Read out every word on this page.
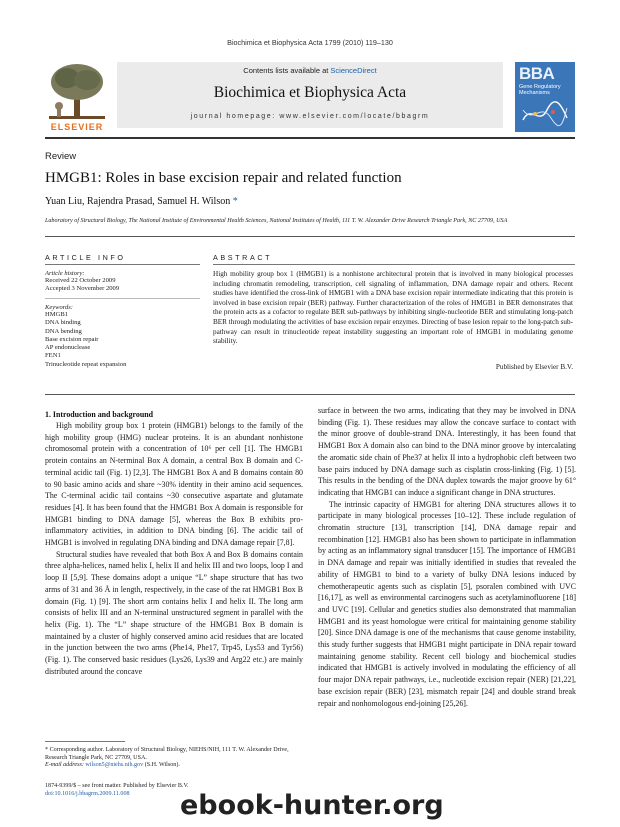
Biochimica et Biophysica Acta 1799 (2010) 119–130
ELSEVIER
Contents lists available at ScienceDirect
Biochimica et Biophysica Acta
journal homepage: www.elsevier.com/locate/bbagrm
BBA
Gene Regulatory Mechanisms
Review
HMGB1: Roles in base excision repair and related function
Yuan Liu, Rajendra Prasad, Samuel H. Wilson *
Laboratory of Structural Biology, The National Institute of Environmental Health Sciences, National Institutes of Health, 111 T. W. Alexander Drive Research Triangle Park, NC 27709, USA
ARTICLE INFO	ABSTRACT
Article history:
Received 22 October 2009
Accepted 3 November 2009
Keywords:
HMGB1
DNA binding
DNA bending
Base excision repair
AP endonuclease
FEN1
Trinucleotide repeat expansion
High mobility group box 1 (HMGB1) is a nonhistone architectural protein that is involved in many biological processes including chromatin remodeling, transcription, cell signaling of inflammation, DNA damage repair and others. Recent studies have identified the cross-link of HMGB1 with a DNA base excision repair intermediate indicating that this protein is involved in base excision repair (BER) pathway. Further characterization of the roles of HMGB1 in BER demonstrates that the protein acts as a cofactor to regulate BER sub-pathways by inhibiting single-nucleotide BER and stimulating long-patch BER through modulating the activities of base excision repair enzymes. Directing of base lesion repair to the long-patch sub-pathway can result in trinucleotide repeat instability suggesting an important role of HMGB1 in modulating genome stability.
Published by Elsevier B.V.
1. Introduction and background

High mobility group box 1 protein (HMGB1) belongs to the family of the high mobility group (HMG) nuclear proteins. It is an abundant nonhistone chromosomal protein with a concentration of 10⁶ per cell [1]. The HMGB1 protein contains an N-terminal Box A domain, a central Box B domain and C-terminal acidic tail (Fig. 1) [2,3]. The HMGB1 Box A and B domains contain 80 to 90 basic amino acids and share ~30% identity in their amino acid sequences. The C-terminal acidic tail contains ~30 consecutive aspartate and glutamate residues [4]. It has been found that the HMGB1 Box A domain is responsible for HMGB1 binding to DNA damage [5], whereas the Box B exhibits pro-inflammatory activities, in addition to DNA binding [6]. The acidic tail of HMGB1 is involved in regulating DNA binding and DNA damage repair [7,8].

Structural studies have revealed that both Box A and Box B domains contain three alpha-helices, named helix I, helix II and helix III and two loops, loop I and loop II [5,9]. These domains adopt a unique “L” shape structure that has two arms of 31 and 36 Å in length, respectively, in the case of the rat HMGB1 Box B domain (Fig. 1) [9]. The short arm contains helix I and helix II. The long arm consists of helix III and an N-terminal unstructured segment in parallel with the helix (Fig. 1). The “L” shape structure of the HMGB1 Box B domain is maintained by a cluster of highly conserved amino acid residues that are located in the junction between the two arms (Phe14, Phe17, Trp45, Lys53 and Tyr56) (Fig. 1). The conserved basic residues (Lys26, Lys39 and Arg22 etc.) are mainly distributed around the concave

surface in between the two arms, indicating that they may be involved in DNA binding (Fig. 1). These residues may allow the concave surface to contact with the minor groove of double-strand DNA. Interestingly, it has been found that HMGB1 Box A domain also can bind to the DNA minor groove by intercalating the aromatic side chain of Phe37 at helix II into a hydrophobic cleft between two base pairs induced by DNA damage such as cisplatin cross-linking (Fig. 1) [5]. This results in the bending of the DNA duplex towards the major groove by 61° indicating that HMGB1 can induce a significant change in DNA structures.

The intrinsic capacity of HMGB1 for altering DNA structures allows it to participate in many biological processes [10–12]. These include regulation of chromatin structure [13], transcription [14], DNA damage repair and recombination [12]. HMGB1 also has been shown to participate in inflammation by acting as an inflammatory signal transducer [15]. The importance of HMGB1 in DNA damage and repair was initially identified in studies that revealed the ability of HMGB1 to bind to a variety of bulky DNA lesions induced by chemotherapeutic agents such as cisplatin [5], psoralen combined with UVC [16,17], as well as environmental carcinogens such as acetylaminofluorene [18] and UVC [19]. Cellular and genetics studies also demonstrated that mammalian HMGB1 and its yeast homologue were critical for maintaining genome stability [20]. Since DNA damage is one of the mechanisms that cause genome instability, this study further suggests that HMGB1 might participate in DNA repair toward maintaining genome stability. Recent cell biology and biochemical studies indicated that HMGB1 is actively involved in modulating the efficiency of all four major DNA repair pathways, i.e., nucleotide excision repair (NER) [21,22], base excision repair (BER) [23], mismatch repair [24] and double strand break repair and nonhomologous end-joining [25,26].

* Corresponding author. Laboratory of Structural Biology, NIEHS/NIH, 111 T. W. Alexander Drive, Research Triangle Park, NC 27709, USA.
E-mail address: wilson5@niehs.nih.gov (S.H. Wilson).
1874-9399/$ – see front matter. Published by Elsevier B.V.
doi:10.1016/j.bbagrm.2009.11.008	ebook-hunter.org
